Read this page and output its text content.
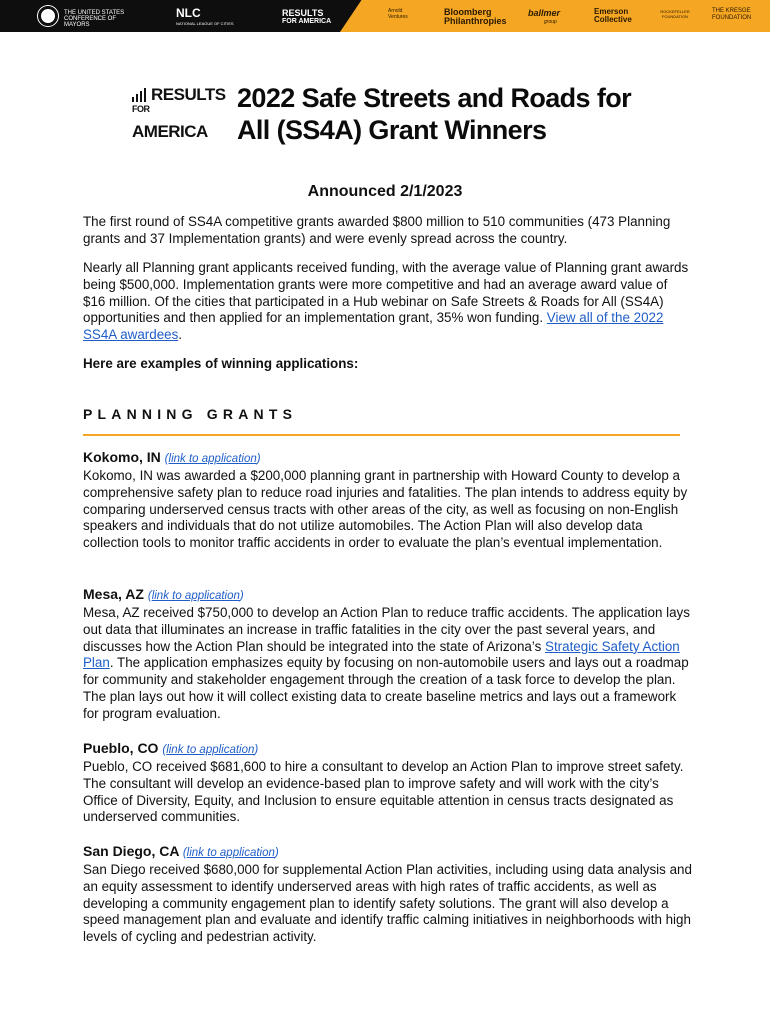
THE UNITED STATES CONFERENCE OF MAYORS
NLC
NATIONAL LEAGUE OF CITIES
RESULTS
FOR AMERICA
Arnold Ventures	Bloomberg Philanthropies
ballmer
group
Emerson Collective
ROCKEFELLER FOUNDATION
THE KRESGE FOUNDATION
RESULTS
FORAMERICA
2022 Safe Streets and Roads for All (SS4A) Grant Winners
Announced 2/1/2023

The first round of SS4A competitive grants awarded $800 million to 510 communities (473 Planning grants and 37 Implementation grants) and were evenly spread across the country.

Nearly all Planning grant applicants received funding, with the average value of Planning grant awards being $500,000. Implementation grants were more competitive and had an average award value of $16 million. Of the cities that participated in a Hub webinar on Safe Streets & Roads for All (SS4A) opportunities and then applied for an implementation grant, 35% won funding. View all of the 2022 SS4A awardees.

Here are examples of winning applications:

PLANNING GRANTS
Kokomo, IN (link to application)
Kokomo, IN was awarded a $200,000 planning grant in partnership with Howard County to develop a comprehensive safety plan to reduce road injuries and fatalities. The plan intends to address equity by comparing underserved census tracts with other areas of the city, as well as focusing on non-English speakers and individuals that do not utilize automobiles. The Action Plan will also develop data collection tools to monitor traffic accidents in order to evaluate the plan’s eventual implementation.
Mesa, AZ (link to application)
Mesa, AZ received $750,000 to develop an Action Plan to reduce traffic accidents. The application lays out data that illuminates an increase in traffic fatalities in the city over the past several years, and discusses how the Action Plan should be integrated into the state of Arizona’s Strategic Safety Action Plan. The application emphasizes equity by focusing on non-automobile users and lays out a roadmap for community and stakeholder engagement through the creation of a task force to develop the plan. The plan lays out how it will collect existing data to create baseline metrics and lays out a framework for program evaluation.
Pueblo, CO (link to application)
Pueblo, CO received $681,600 to hire a consultant to develop an Action Plan to improve street safety. The consultant will develop an evidence-based plan to improve safety and will work with the city’s Office of Diversity, Equity, and Inclusion to ensure equitable attention in census tracts designated as underserved communities.
San Diego, CA (link to application)
San Diego received $680,000 for supplemental Action Plan activities, including using data analysis and an equity assessment to identify underserved areas with high rates of traffic accidents, as well as developing a community engagement plan to identify safety solutions. The grant will also develop a speed management plan and evaluate and identify traffic calming initiatives in neighborhoods with high levels of cycling and pedestrian activity.
